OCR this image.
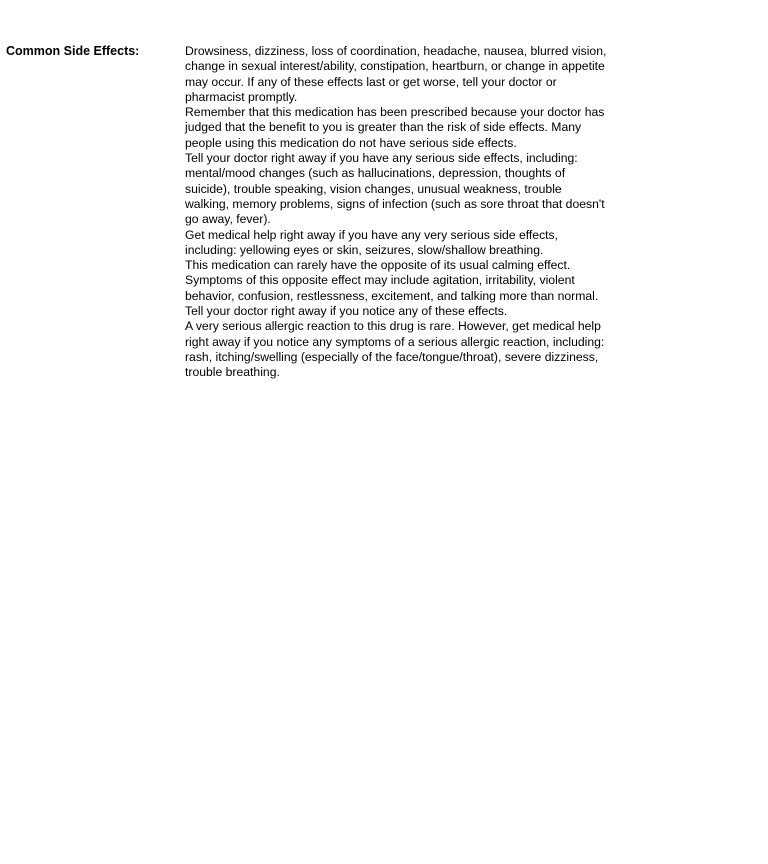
Common Side Effects:	Drowsiness, dizziness, loss of coordination, headache, nausea, blurred vision, change in sexual interest/ability, constipation, heartburn, or change in appetite may occur. If any of these effects last or get worse, tell your doctor or pharmacist promptly.

Remember that this medication has been prescribed because your doctor has judged that the benefit to you is greater than the risk of side effects. Many people using this medication do not have serious side effects.

Tell your doctor right away if you have any serious side effects, including: mental/mood changes (such as hallucinations, depression, thoughts of suicide), trouble speaking, vision changes, unusual weakness, trouble walking, memory problems, signs of infection (such as sore throat that doesn't go away, fever).

Get medical help right away if you have any very serious side effects, including: yellowing eyes or skin, seizures, slow/shallow breathing.

This medication can rarely have the opposite of its usual calming effect. Symptoms of this opposite effect may include agitation, irritability, violent behavior, confusion, restlessness, excitement, and talking more than normal. Tell your doctor right away if you notice any of these effects.

A very serious allergic reaction to this drug is rare. However, get medical help right away if you notice any symptoms of a serious allergic reaction, including: rash, itching/swelling (especially of the face/tongue/throat), severe dizziness, trouble breathing.
